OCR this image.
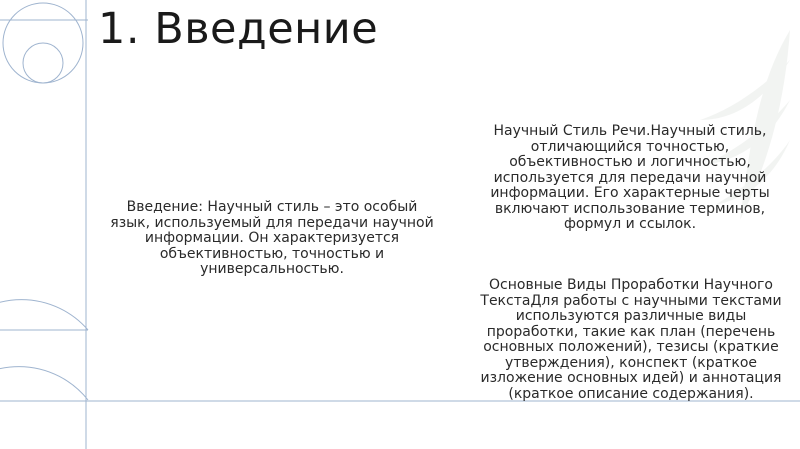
1. Введение
Введение: Научный стиль – это особый язык, используемый для передачи научной информации. Он характеризуется объективностью, точностью и универсальностью.
Научный Стиль Речи.Научный стиль, отличающийся точностью, объективностью и логичностью, используется для передачи научной информации. Его характерные черты включают использование терминов, формул и ссылок.
Основные Виды Проработки Научного ТекстаДля работы с научными текстами используются различные виды проработки, такие как план (перечень основных положений), тезисы (краткие утверждения), конспект (краткое изложение основных идей) и аннотация (краткое описание содержания).
